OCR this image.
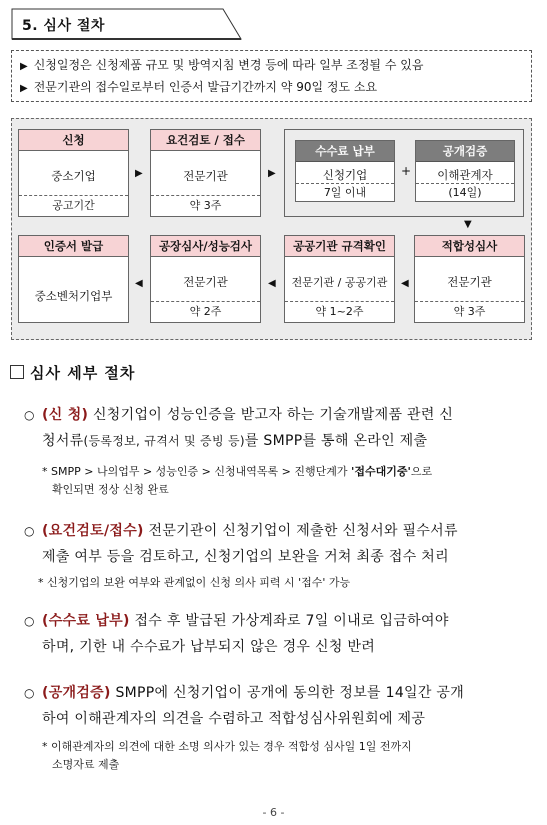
5. 심사 절차
▶ 신청일정은 신청제품 규모 및 방역지침 변경 등에 따라 일부 조정될 수 있음
▶ 전문기관의 접수일로부터 인증서 발급기간까지 약 90일 정도 소요
신청
중소기업
공고기간
▶
요건검토 / 접수
전문기관
약 3주
▶
수수료 납부
신청기업
7일 이내
+
공개검증
이해관계자
(14일)
▼
인증서 발급
중소벤처기업부
◀
공장심사/성능검사
전문기관
약 2주
◀
공공기관 규격확인
전문기관 / 공공기관
약 1~2주
◀
적합성심사
전문기관
약 3주
심사 세부 절차
○ (신 청) 신청기업이 성능인증을 받고자 하는 기술개발제품 관련 신
청서류(등록정보, 규격서 및 증빙 등)를 SMPP를 통해 온라인 제출
* SMPP > 나의업무 > 성능인증 > 신청내역목록 > 진행단계가 '접수대기중'으로
확인되면 정상 신청 완료
○ (요건검토/접수) 전문기관이 신청기업이 제출한 신청서와 필수서류
제출 여부 등을 검토하고, 신청기업의 보완을 거쳐 최종 접수 처리
* 신청기업의 보완 여부와 관계없이 신청 의사 피력 시 '접수' 가능
○ (수수료 납부) 접수 후 발급된 가상계좌로 7일 이내로 입금하여야
하며, 기한 내 수수료가 납부되지 않은 경우 신청 반려
○ (공개검증) SMPP에 신청기업이 공개에 동의한 정보를 14일간 공개
하여 이해관계자의 의견을 수렴하고 적합성심사위원회에 제공
* 이해관계자의 의견에 대한 소명 의사가 있는 경우 적합성 심사일 1일 전까지
소명자료 제출
- 6 -
